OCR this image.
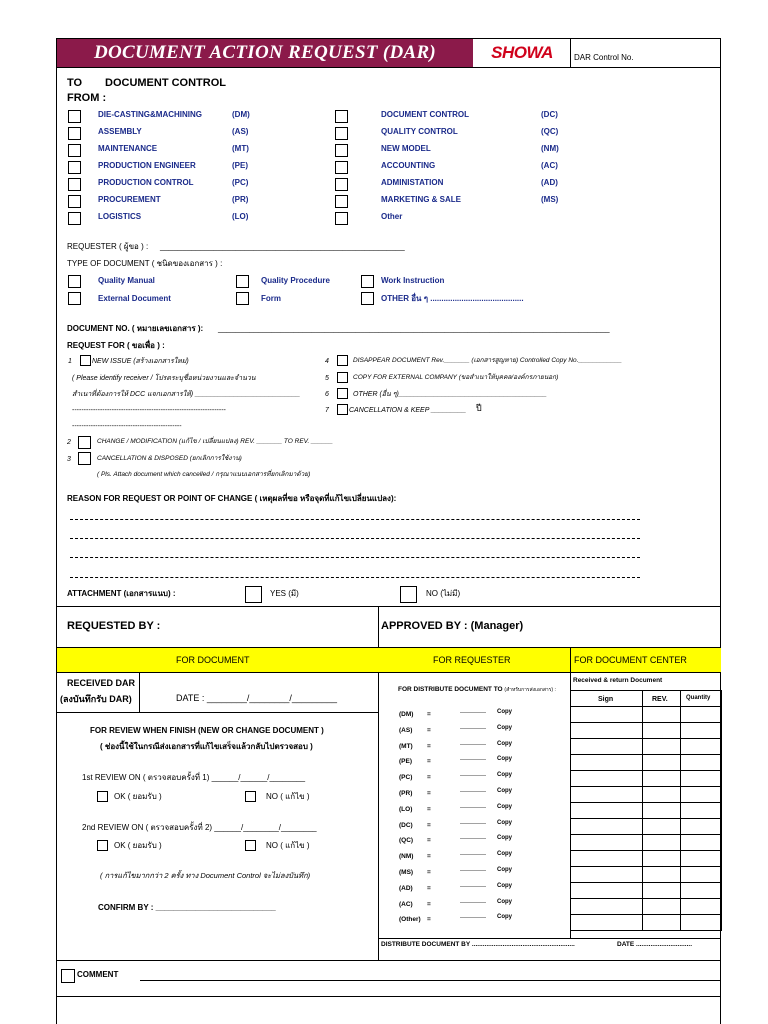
DOCUMENT ACTION REQUEST (DAR)	SHOWA	DAR Control No.
TO DOCUMENT CONTROL
FROM :
DIE-CASTING&MACHINING	(DM)
ASSEMBLY	(AS)
MAINTENANCE	(MT)
PRODUCTION ENGINEER	(PE)
PRODUCTION CONTROL	(PC)
PROCUREMENT	(PR)
LOGISTICS	(LO)
DOCUMENT CONTROL	(DC)
QUALITY CONTROL	(QC)
NEW MODEL	(NM)
ACCOUNTING	(AC)
ADMINISTATION	(AD)
MARKETING & SALE	(MS)
Other
REQUESTER ( ผู้ขอ ) : _______________________________________________________
TYPE OF DOCUMENT ( ชนิดของเอกสาร ) :
Quality Manual	Quality Procedure	Work Instruction
External Document	Form	OTHER อื่น ๆ ..........................................
DOCUMENT NO. ( หมายเลขเอกสาร ): ________________________________________________________________________________________
REQUEST FOR ( ขอเพื่อ ) :
1	NEW ISSUE (สร้างเอกสารใหม่)
( Please identify receiver / โปรดระบุชื่อหน่วยงานและจำนวน
สำเนาที่ต้องการให้ DCC แจกเอกสารให้) ___________________________
------------------------------------------------------------------
-----------------------------------------------
4	DISAPPEAR DOCUMENT Rev._______ (เอกสารสูญหาย) Controlled Copy No.____________
5	COPY FOR EXTERNAL COMPANY (ขอสำเนาให้บุคคล/องค์กรภายนอก)
6	OTHER (อื่น ๆ)______________________________________
7	CANCELLATION & KEEP _________ ปี
2	CHANGE / MODIFICATION (แก้ไข / เปลี่ยนแปลง) REV. _______ TO REV. ______
3	CANCELLATION & DISPOSED (ยกเลิกการใช้งาน)
( Pls. Attach document which cancelled / กรุณาแนบเอกสารที่ยกเลิกมาด้วย)
REASON FOR REQUEST OR POINT OF CHANGE ( เหตุผลที่ขอ หรือจุดที่แก้ไขเปลี่ยนแปลง):
ATTACHMENT (เอกสารแนบ) :	YES (มี)	NO (ไม่มี)
REQUESTED BY :	APPROVED BY : (Manager)
FOR DOCUMENT	FOR REQUESTER	FOR DOCUMENT CENTER
RECEIVED DAR
(ลงบันทึกรับ DAR)	DATE : ________/________/_________
FOR REVIEW WHEN FINISH (NEW OR CHANGE DOCUMENT )
( ช่องนี้ใช้ในกรณีส่งเอกสารที่แก้ไขเสร็จแล้วกลับไปตรวจสอบ )
1st REVIEW ON ( ตรวจสอบครั้งที่ 1) ______/______/________
OK ( ยอมรับ )	NO ( แก้ไข )
2nd REVIEW ON ( ตรวจสอบครั้งที่ 2) ______/________/________
OK ( ยอมรับ )	NO ( แก้ไข )
( การแก้ไขมากกว่า 2 ครั้ง ทาง Document Control จะไม่ลงบันทึก)
CONFIRM BY : ___________________________
FOR DISTRIBUTE DOCUMENT TO (สำหรับการส่งเอกสาร) :
(DM) =	------------- Copy
(AS) =	------------- Copy
(MT) =	------------- Copy
(PE) =	------------- Copy
(PC) =	------------- Copy
(PR) =	------------- Copy
(LO) =	------------- Copy
(DC) =	------------- Copy
(QC) =	------------- Copy
(NM) =	------------- Copy
(MS) =	------------- Copy
(AD) =	------------- Copy
(AC) =	------------- Copy
(Other) =	------------- Copy
DISTRIBUTE DOCUMENT BY .........................................................	DATE ...............................
Received & return Document
Sign	REV.	Quantity
COMMENT
